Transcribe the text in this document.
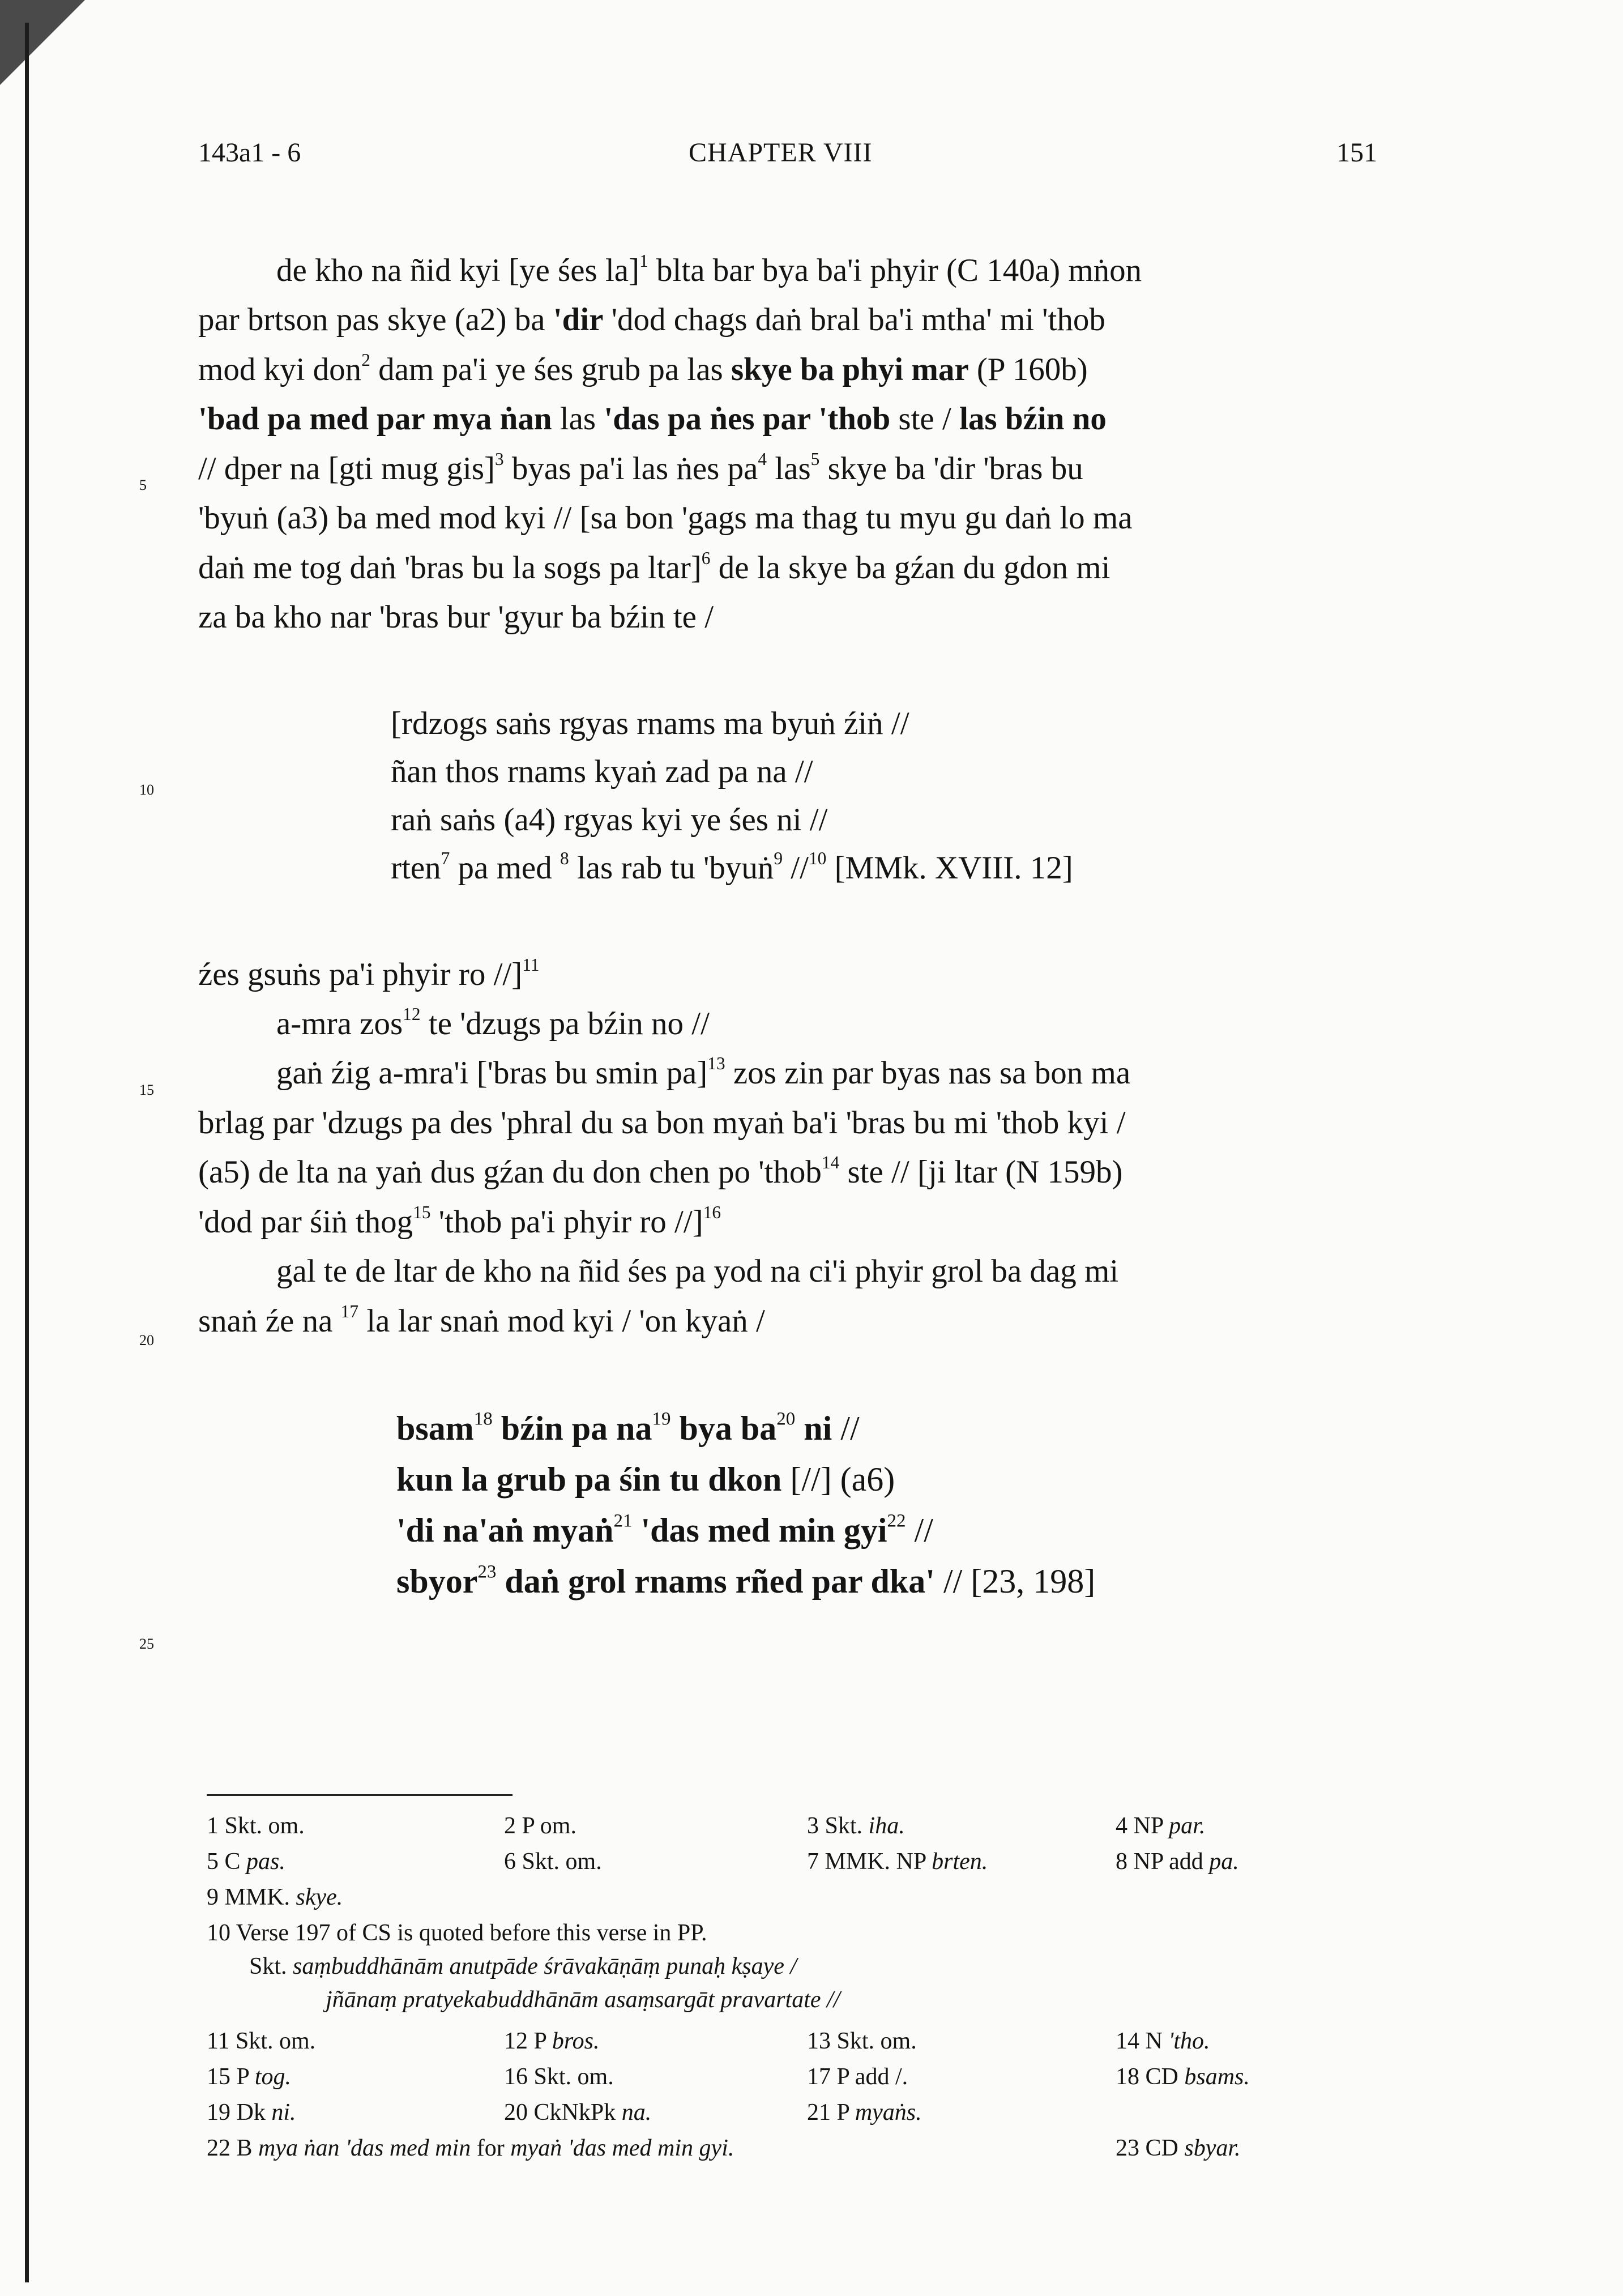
143a1 - 6	CHAPTER VIII	151
5
10
15
20
25
de kho na ñid kyi [ye śes la]$^1$ blta bar bya ba'i phyir (C 140a) mṅon
par brtson pas skye (a2) ba 'dir 'dod chags daṅ bral ba'i mtha' mi 'thob
mod kyi don$^2$ dam pa'i ye śes grub pa las skye ba phyi mar (P 160b)
'bad pa med par mya ṅan las 'das pa ṅes par 'thob ste / las bźin no
// dper na [gti mug gis]$^3$ byas pa'i las ṅes $pa^4$ las$^5$ skye ba 'dir 'bras bu
'byuṅ (a3) ba med mod kyi // [sa bon 'gags ma thag tu myu gu daṅ lo ma
daṅ me tog daṅ 'bras bu la sogs pa ltar]$^6$ de la skye ba gźan du gdon mi
za ba kho nar 'bras bur 'gyur ba bźin te /
[rdzogs saṅs rgyas rnams ma byuṅ źiṅ //
ñan thos rnams kyaṅ zad pa na //
raṅ saṅs (a4) rgyas kyi ye śes ni //
rten$^7$ pa med $^8$ las rab tu 'byuṅ$^9$ //$^{10}$ [MMk. XVIII. 12]
źes gsuṅs pa'i phyir ro //]$^{11}$
a-mra zos$^{12}$ te 'dzugs pa bźin no //
gaṅ źig a-mra'i ['bras bu smin pa]$^{13}$ zos zin par byas nas sa bon ma
brlag par 'dzugs pa des 'phral du sa bon myaṅ ba'i 'bras bu mi 'thob kyi /
(a5) de lta na yaṅ dus gźan du don chen po 'thob$^{14}$ ste // [ji ltar (N 159b)
'dod par śiṅ thog$^{15}$ 'thob pa'i phyir ro //]$^{16}$
gal te de ltar de kho na ñid śes pa yod na ci'i phyir grol ba dag mi
snaṅ źe na $^{17}$ la lar snaṅ mod kyi / 'on kyaṅ /
bsam$^{18}$ bźin pa $na^{19}$ bya $ba^{20}$ ni //
kun la grub pa śin tu dkon [//] (a6)
'di na'aṅ myaṅ$^{21}$ 'das med min gyi$^{22}$ //
sbyor$^{23}$ daṅ grol rnams rñed par dka' // [23, 198]
1 Skt. om.	2 P om.	3 Skt. iha.	4 NP par.
5 C pas.	6 Skt. om.	7 MMK. NP brten.	8 NP add pa.
9 MMK. skye.
10 Verse 197 of CS is quoted before this verse in PP.
Skt. saṃbuddhānām anutpāde śrāvakāṇāṃ punaḥ kṣaye /
jñānaṃ pratyekabuddhānām asaṃsargāt pravartate //
11 Skt. om.	12 P bros.	13 Skt. om.	14 N 'tho.
15 P tog.	16 Skt. om.	17 P add /.	18 CD bsams.
19 Dk ni.	20 CkNkPk na.	21 P myaṅs.
22 B mya ṅan 'das med min for myaṅ 'das med min gyi.	23 CD sbyar.
